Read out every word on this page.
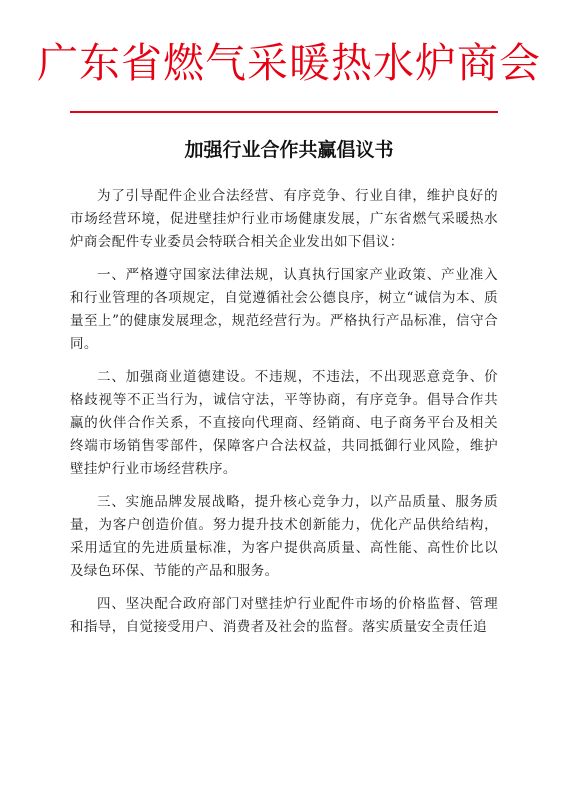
广东省燃气采暖热水炉商会
加强行业合作共赢倡议书

为了引导配件企业合法经营、有序竞争、行业自律，维护良好的市场经营环境，促进壁挂炉行业市场健康发展，广东省燃气采暖热水炉商会配件专业委员会特联合相关企业发出如下倡议：

一、严格遵守国家法律法规，认真执行国家产业政策、产业准入和行业管理的各项规定，自觉遵循社会公德良序，树立“诚信为本、质量至上”的健康发展理念，规范经营行为。严格执行产品标准，信守合同。

二、加强商业道德建设。不违规，不违法，不出现恶意竞争、价格歧视等不正当行为，诚信守法，平等协商，有序竞争。倡导合作共赢的伙伴合作关系，不直接向代理商、经销商、电子商务平台及相关终端市场销售零部件，保障客户合法权益，共同抵御行业风险，维护壁挂炉行业市场经营秩序。

三、实施品牌发展战略，提升核心竞争力，以产品质量、服务质量，为客户创造价值。努力提升技术创新能力，优化产品供给结构，采用适宜的先进质量标准，为客户提供高质量、高性能、高性价比以及绿色环保、节能的产品和服务。

四、坚决配合政府部门对壁挂炉行业配件市场的价格监督、管理和指导，自觉接受用户、消费者及社会的监督。落实质量安全责任追
